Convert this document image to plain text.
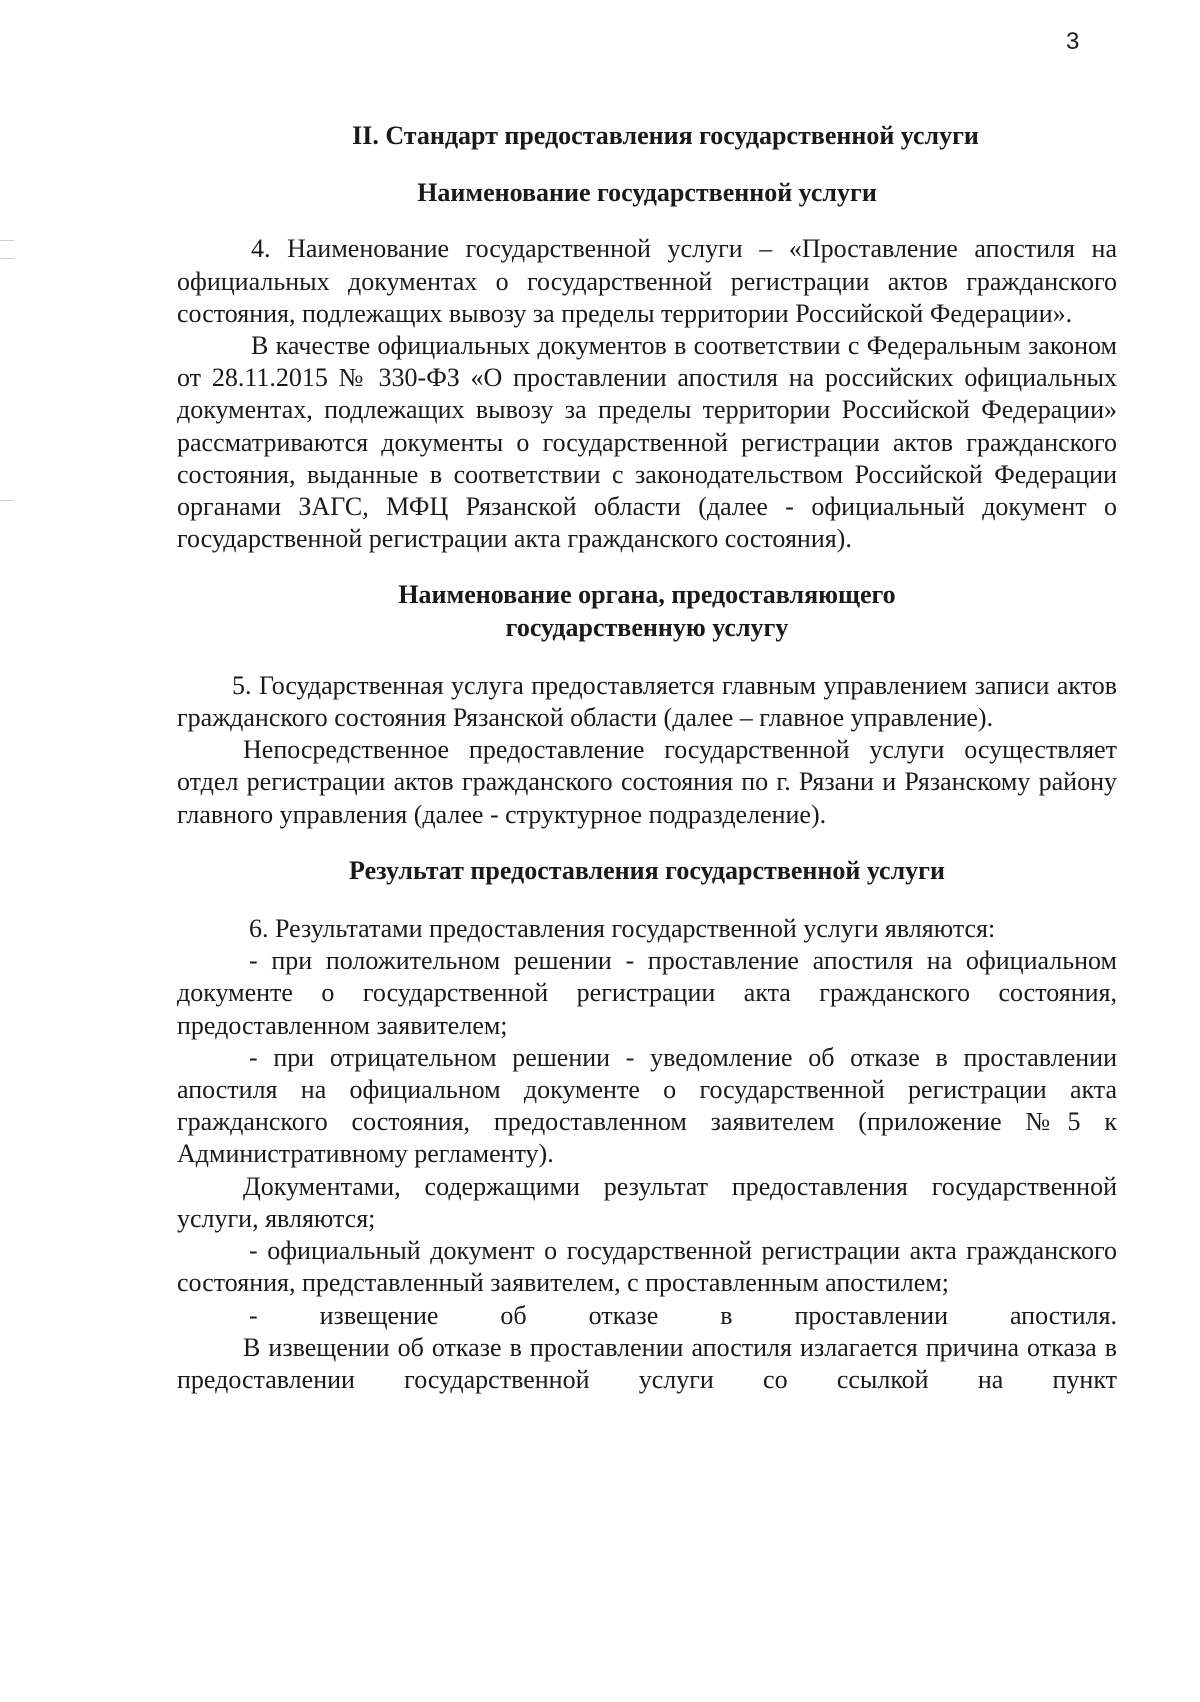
3

II. Стандарт предоставления государственной услуги

Наименование государственной услуги

4. Наименование государственной услуги – «Проставление апостиля на официальных документах о государственной регистрации актов гражданского состояния, подлежащих вывозу за пределы территории Российской Федерации».

В качестве официальных документов в соответствии с Федеральным законом от 28.11.2015 № 330-ФЗ «О проставлении апостиля на российских официальных документах, подлежащих вывозу за пределы территории Российской Федерации» рассматриваются документы о государственной регистрации актов гражданского состояния, выданные в соответствии с законодательством Российской Федерации органами ЗАГС, МФЦ Рязанской области (далее - официальный документ о государственной регистрации акта гражданского состояния).

Наименование органа, предоставляющего

государственную услугу

5. Государственная услуга предоставляется главным управлением записи актов гражданского состояния Рязанской области (далее – главное управление).

Непосредственное предоставление государственной услуги осуществляет отдел регистрации актов гражданского состояния по г. Рязани и Рязанскому району главного управления (далее - структурное подразделение).

Результат предоставления государственной услуги

6. Результатами предоставления государственной услуги являются:

- при положительном решении - проставление апостиля на официальном документе о государственной регистрации акта гражданского состояния, предоставленном заявителем;

- при отрицательном решении - уведомление об отказе в проставлении апостиля на официальном документе о государственной регистрации акта гражданского состояния, предоставленном заявителем (приложение №5 к Административному регламенту).

Документами, содержащими результат предоставления государственной услуги, являются;

- официальный документ о государственной регистрации акта гражданского состояния, представленный заявителем, с проставленным апостилем;

- извещение об отказе в проставлении апостиля.

В извещении об отказе в проставлении апостиля излагается причина отказа в предоставлении государственной услуги со ссылкой на пункт
